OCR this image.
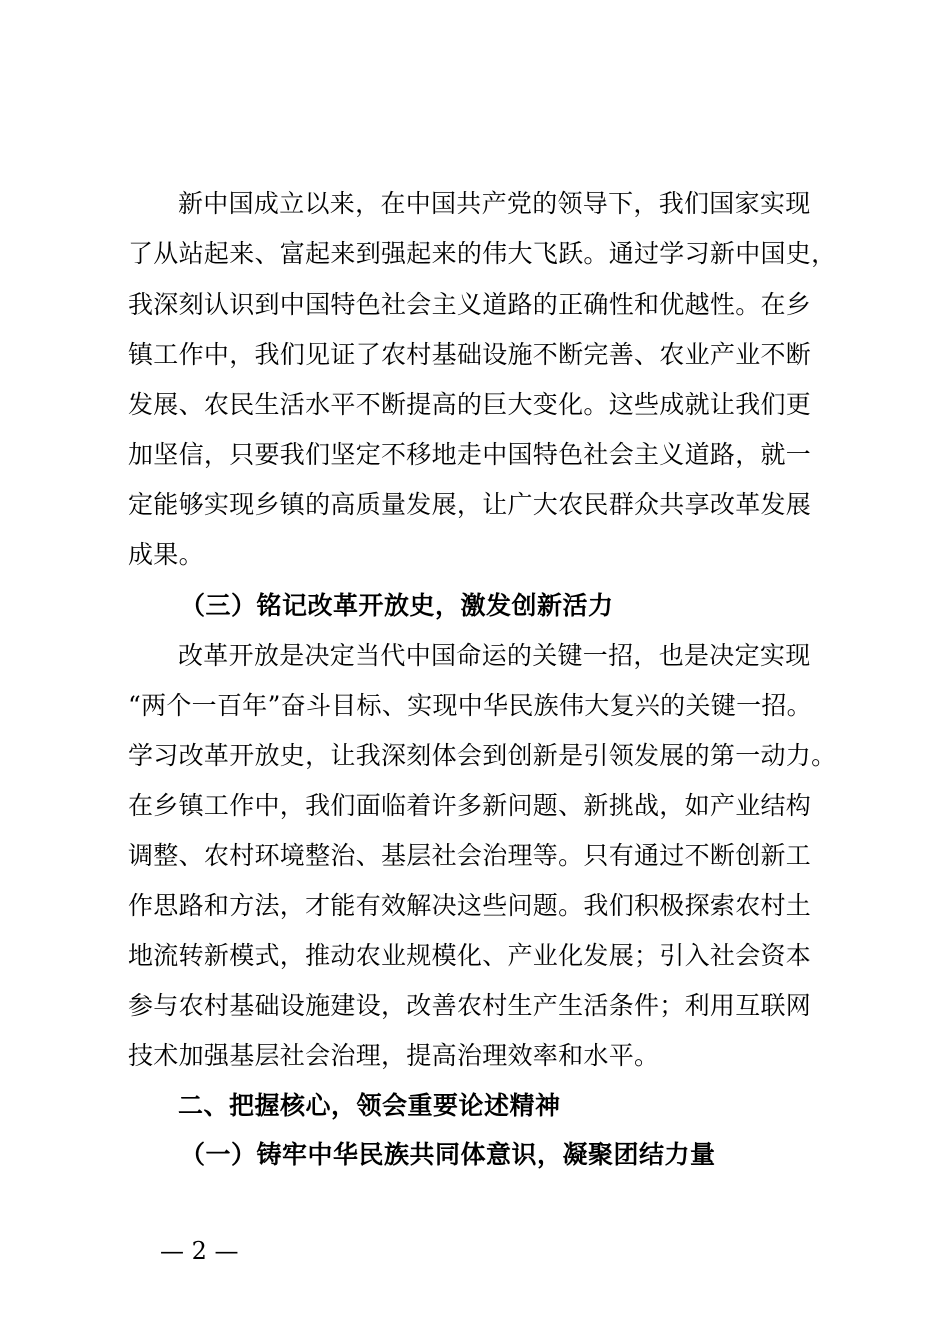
新中国成立以来，在中国共产党的领导下，我们国家实现
了从站起来、富起来到强起来的伟大飞跃。通过学习新中国史，
我深刻认识到中国特色社会主义道路的正确性和优越性。在乡
镇工作中，我们见证了农村基础设施不断完善、农业产业不断
发展、农民生活水平不断提高的巨大变化。这些成就让我们更
加坚信，只要我们坚定不移地走中国特色社会主义道路，就一
定能够实现乡镇的高质量发展，让广大农民群众共享改革发展
成果。
（三）铭记改革开放史，激发创新活力
改革开放是决定当代中国命运的关键一招，也是决定实现
“两个一百年”奋斗目标、实现中华民族伟大复兴的关键一招。
学习改革开放史，让我深刻体会到创新是引领发展的第一动力。
在乡镇工作中，我们面临着许多新问题、新挑战，如产业结构
调整、农村环境整治、基层社会治理等。只有通过不断创新工
作思路和方法，才能有效解决这些问题。我们积极探索农村土
地流转新模式，推动农业规模化、产业化发展；引入社会资本
参与农村基础设施建设，改善农村生产生活条件；利用互联网
技术加强基层社会治理，提高治理效率和水平。
二、把握核心，领会重要论述精神
（一）铸牢中华民族共同体意识，凝聚团结力量
— 2 —
